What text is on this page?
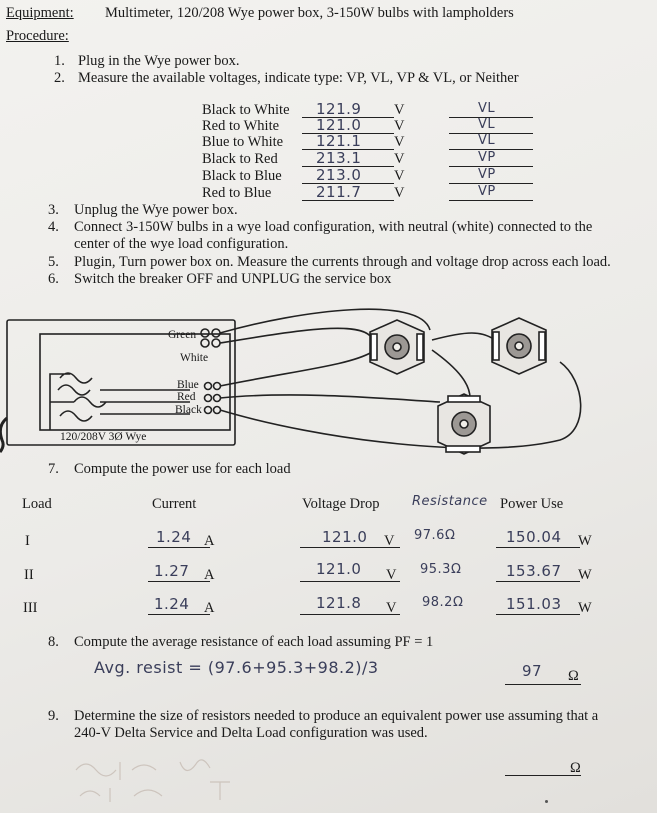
Equipment: Multimeter, 120/208 Wye power box, 3-150W bulbs with lampholders
Procedure:
1. Plug in the Wye power box.
2. Measure the available voltages, indicate type: VP, VL, VP & VL, or Neither
Black to White 121.9 V	VL
Red to White 121.0 V	VL
Blue to White 121.1 V	VL
Black to Red	213.1 V	VP
Black to Blue 213.0 V	VP
Red to Blue	211.7 V	VP
3. Unplug the Wye power box.
4. Connect 3-150W bulbs in a wye load configuration, with neutral (white) connected to the
center of the wye load configuration.
5. Plugin, Turn power box on. Measure the currents through and voltage drop across each load.
6. Switch the breaker OFF and UNPLUG the service box
Green
White
Blue
Red
Black
120/208V 3Ø Wye
7. Compute the power use for each load
Load	Current	Voltage Drop	Resistance Power Use
I	1.24 A	121.0 V 97.6Ω	150.04 W
II	1.27 A	121.0 V 95.3Ω	153.67 W
III	1.24 A	121.8 V 98.2Ω	151.03 W
8. Compute the average resistance of each load assuming PF = 1
Avg. resist = (97.6+95.3+98.2)/3	97 Ω
9. Determine the size of resistors needed to produce an equivalent power use assuming that a
240-V Delta Service and Delta Load configuration was used.
Ω
